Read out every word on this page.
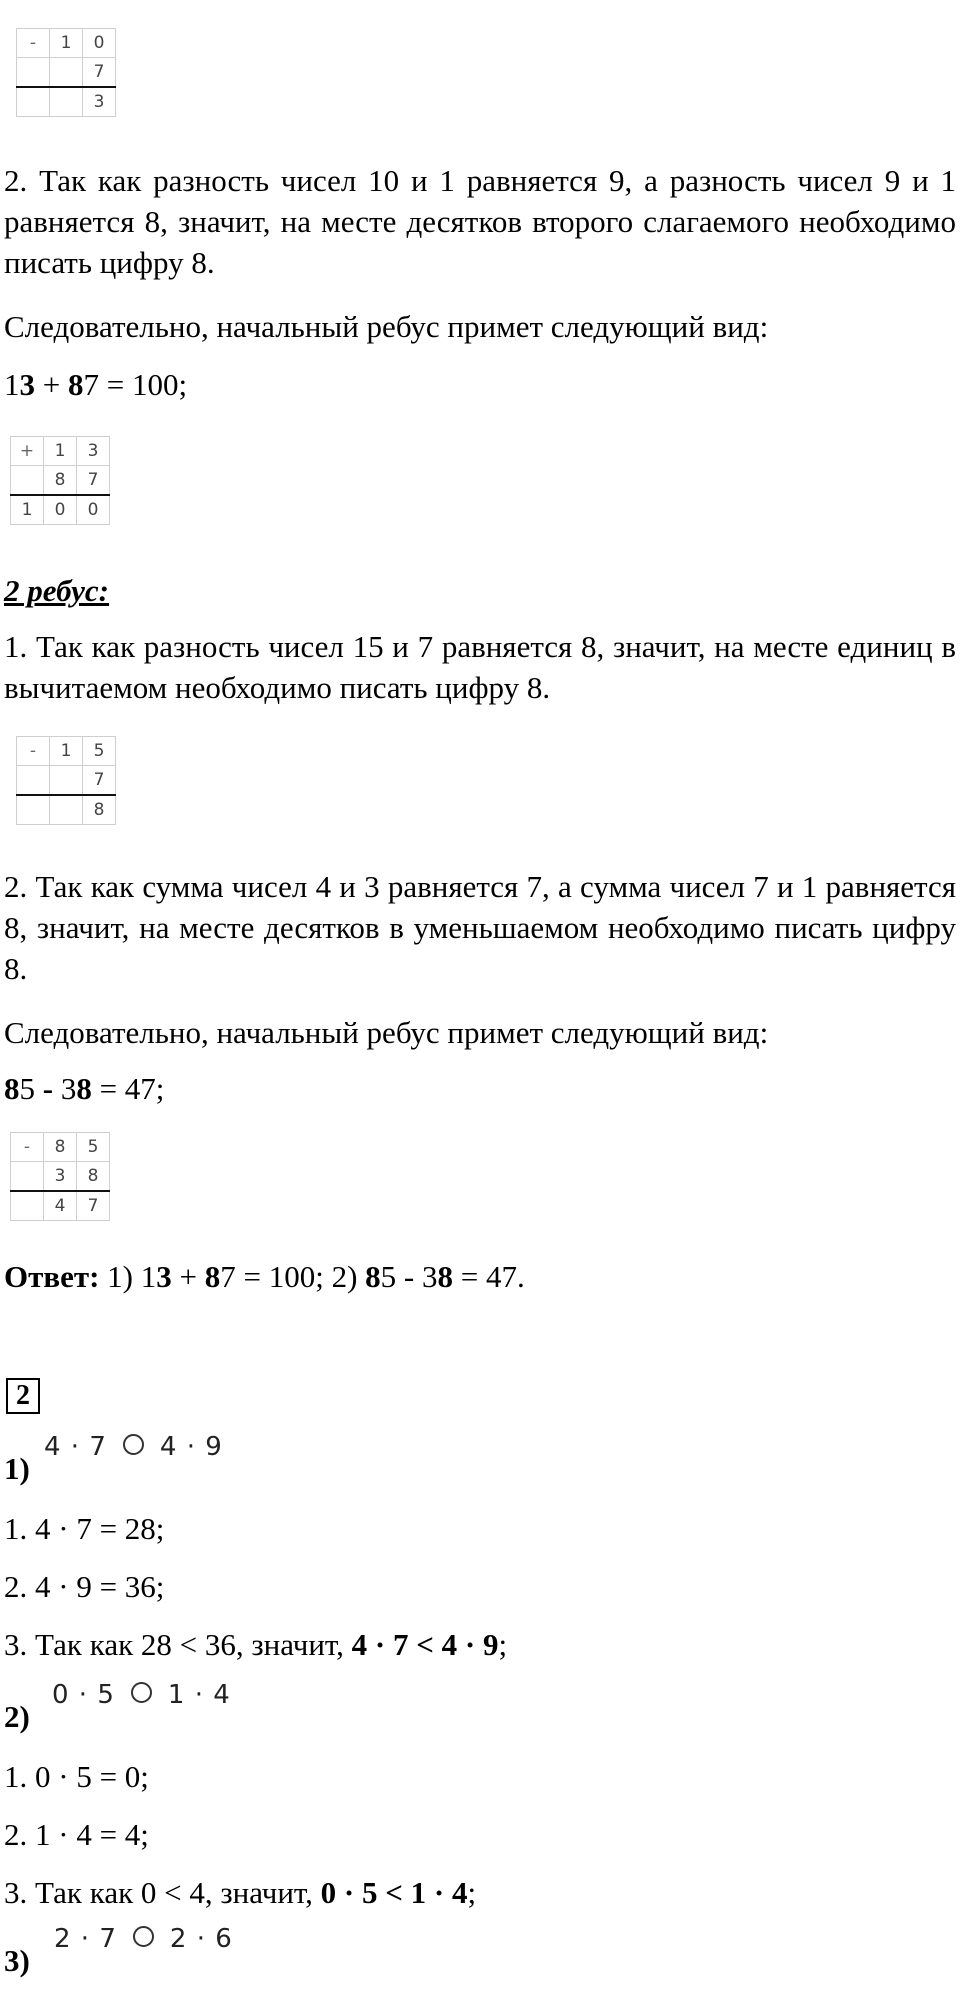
-	1	0
		7
		3

2. Так как разность чисел 10 и 1 равняется 9, а разность чисел 9 и 1 равняется 8, значит, на месте десятков второго слагаемого необходимо писать цифру 8.

Следовательно, начальный ребус примет следующий вид:

13 + 87 = 100;

+	1	3
	8	7
1	0	0

2 ребус:

1. Так как разность чисел 15 и 7 равняется 8, значит, на месте единиц в вычитаемом необходимо писать цифру 8.

-	1	5
		7
		8

2. Так как сумма чисел 4 и 3 равняется 7, а сумма чисел 7 и 1 равняется 8, значит, на месте десятков в уменьшаемом необходимо писать цифру 8.

Следовательно, начальный ребус примет следующий вид:

85 - 38 = 47;

-	8	5
	3	8
	4	7

Ответ: 1) 13 + 87 = 100; 2) 85 - 38 = 47.

2

1)

4 · 7 4 · 9

1. 4 · 7 = 28;

2. 4 · 9 = 36;

3. Так как 28 < 36, значит, 4 · 7 < 4 · 9;

2)

0 · 5 1 · 4

1. 0 · 5 = 0;

2. 1 · 4 = 4;

3. Так как 0 < 4, значит, 0 · 5 < 1 · 4;

3)

2 · 7 2 · 6
